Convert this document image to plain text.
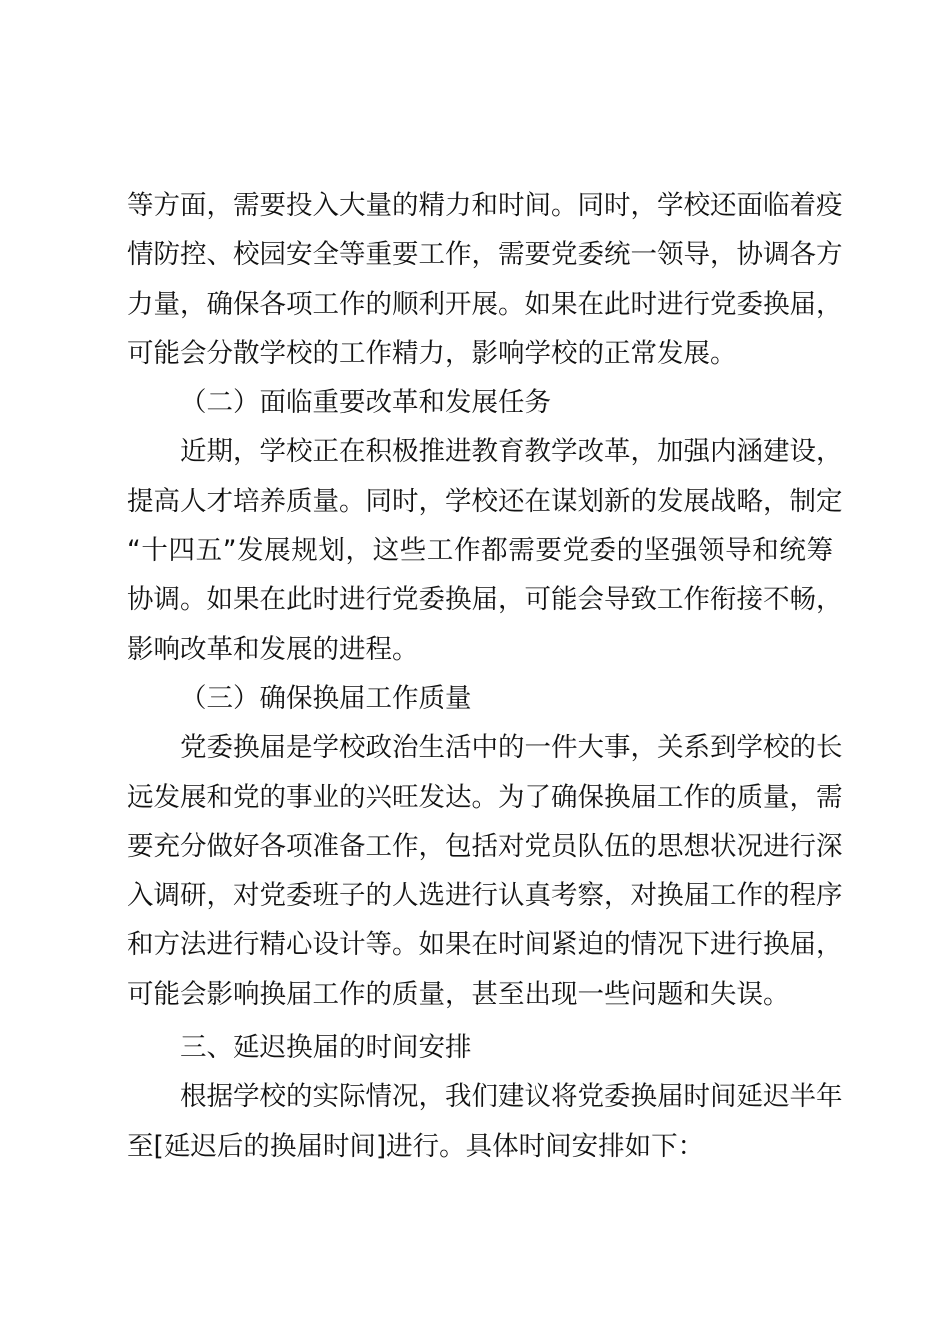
等方面，需要投入大量的精力和时间。同时，学校还面临着疫
情防控、校园安全等重要工作，需要党委统一领导，协调各方
力量，确保各项工作的顺利开展。如果在此时进行党委换届，
可能会分散学校的工作精力，影响学校的正常发展。
（二）面临重要改革和发展任务
近期，学校正在积极推进教育教学改革，加强内涵建设，
提高人才培养质量。同时，学校还在谋划新的发展战略，制定
“十四五”发展规划，这些工作都需要党委的坚强领导和统筹
协调。如果在此时进行党委换届，可能会导致工作衔接不畅，
影响改革和发展的进程。
（三）确保换届工作质量
党委换届是学校政治生活中的一件大事，关系到学校的长
远发展和党的事业的兴旺发达。为了确保换届工作的质量，需
要充分做好各项准备工作，包括对党员队伍的思想状况进行深
入调研，对党委班子的人选进行认真考察，对换届工作的程序
和方法进行精心设计等。如果在时间紧迫的情况下进行换届，
可能会影响换届工作的质量，甚至出现一些问题和失误。
三、延迟换届的时间安排
根据学校的实际情况，我们建议将党委换届时间延迟半年
至[延迟后的换届时间]进行。具体时间安排如下：
